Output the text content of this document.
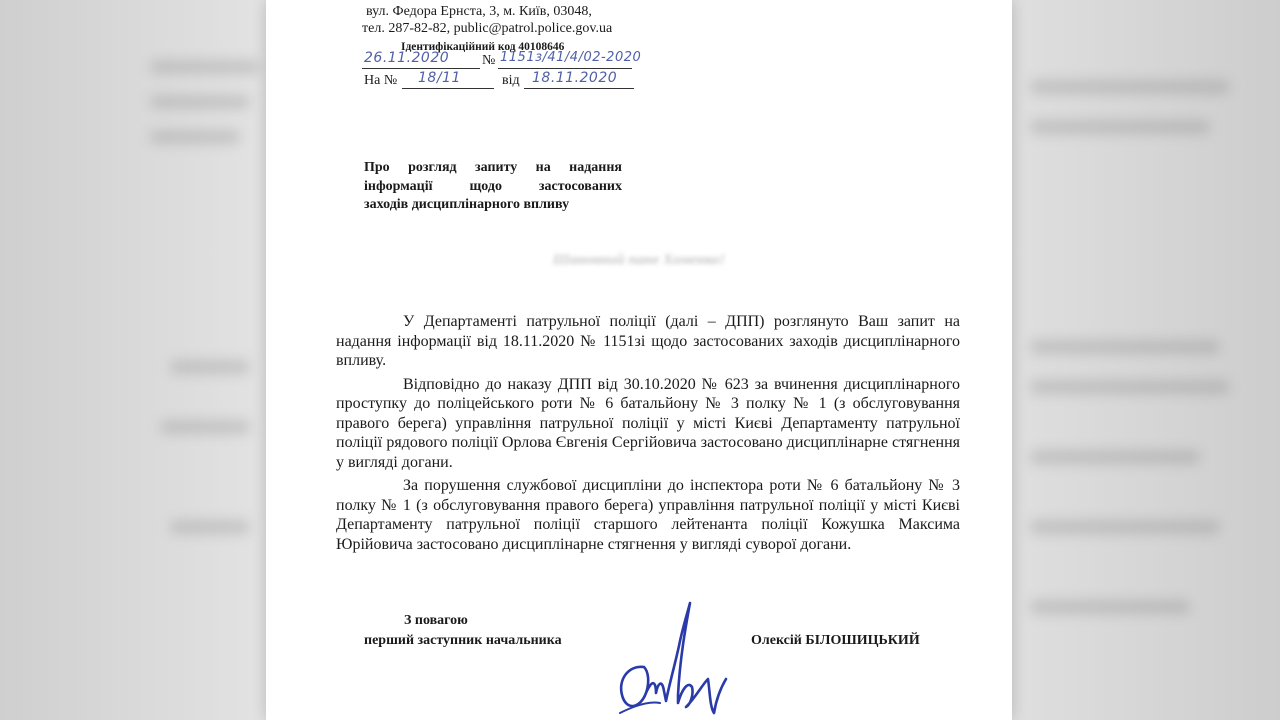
вул. Федора Ернста, 3, м. Київ, 03048,
тел. 287-82-82, public@patrol.police.gov.ua
Ідентифікаційний код 40108646
26.11.2020 № 1151з/41/4/02-2020
На № 18/11	від 18.11.2020
Про розгляд запиту на надання
інформації щодо застосованих
заходів дисциплінарного впливу
Шановний пане Хоменко!

У Департаменті патрульної поліції (далі – ДПП) розглянуто Ваш запит на надання інформації від 18.11.2020 № 1151зі щодо застосованих заходів дисциплінарного впливу.

Відповідно до наказу ДПП від 30.10.2020 № 623 за вчинення дисциплінарного проступку до поліцейського роти № 6 батальйону № 3 полку № 1 (з обслуговування правого берега) управління патрульної поліції у місті Києві Департаменту патрульної поліції рядового поліції Орлова Євгенія Сергійовича застосовано дисциплінарне стягнення у вигляді догани.

За порушення службової дисципліни до інспектора роти № 6 батальйону № 3 полку № 1 (з обслуговування правого берега) управління патрульної поліції у місті Києві Департаменту патрульної поліції старшого лейтенанта поліції Кожушка Максима Юрійовича застосовано дисциплінарне стягнення у вигляді суворої догани.

З повагою
перший заступник начальника	Олексій БІЛОШИЦЬКИЙ
